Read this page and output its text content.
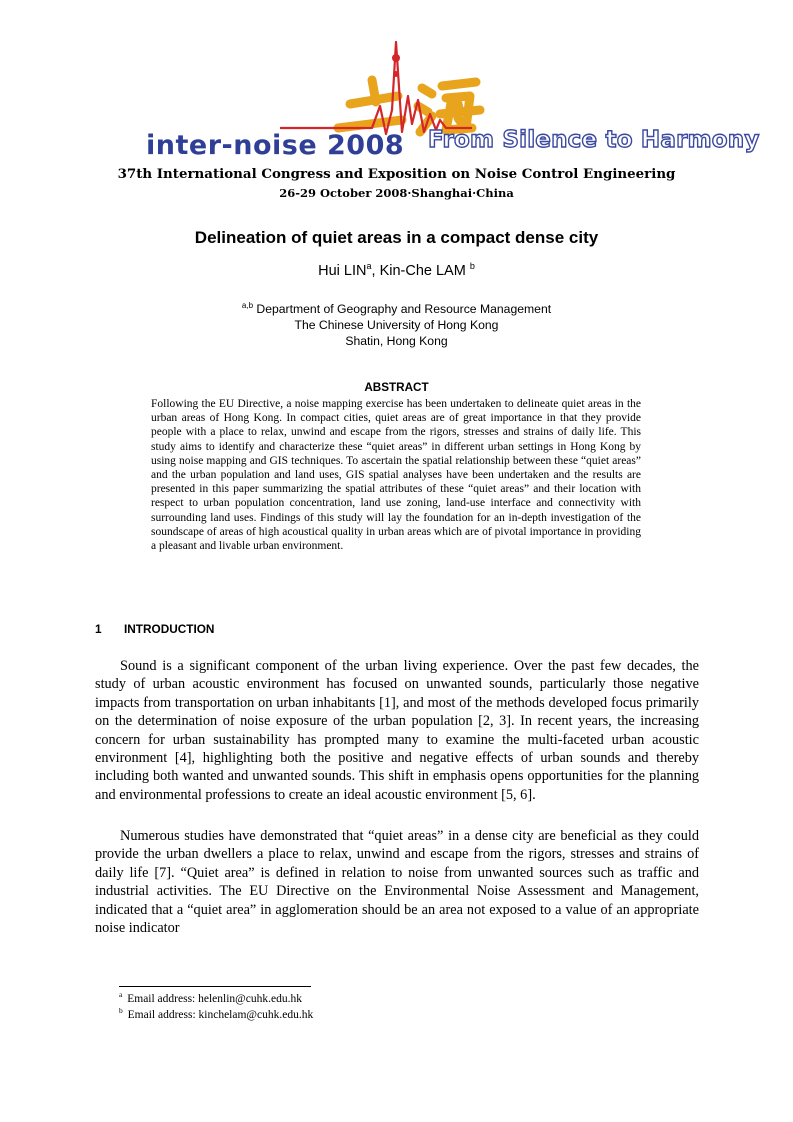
inter-noise 2008 From Silence to Harmony
37th International Congress and Exposition on Noise Control Engineering
26-29 October 2008·Shanghai·China
Delineation of quiet areas in a compact dense city
Hui LIN$^a$, Kin-Che LAM $^b$
$^{a,b}$ Department of Geography and Resource Management
The Chinese University of Hong Kong
Shatin, Hong Kong
ABSTRACT

Following the EU Directive, a noise mapping exercise has been undertaken to delineate quiet areas in the urban areas of Hong Kong. In compact cities, quiet areas are of great importance in that they provide people with a place to relax, unwind and escape from the rigors, stresses and strains of daily life. This study aims to identify and characterize these “quiet areas” in different urban settings in Hong Kong by using noise mapping and GIS techniques. To ascertain the spatial relationship between these “quiet areas” and the urban population and land uses, GIS spatial analyses have been undertaken and the results are presented in this paper summarizing the spatial attributes of these “quiet areas” and their location with respect to urban population concentration, land use zoning, land-use interface and connectivity with surrounding land uses. Findings of this study will lay the foundation for an in-depth investigation of the soundscape of areas of high acoustical quality in urban areas which are of pivotal importance in providing a pleasant and livable urban environment.

1 INTRODUCTION

Sound is a significant component of the urban living experience. Over the past few decades, the study of urban acoustic environment has focused on unwanted sounds, particularly those negative impacts from transportation on urban inhabitants [1], and most of the methods developed focus primarily on the determination of noise exposure of the urban population [2, 3]. In recent years, the increasing concern for urban sustainability has prompted many to examine the multi-faceted urban acoustic environment [4], highlighting both the positive and negative effects of urban sounds and thereby including both wanted and unwanted sounds. This shift in emphasis opens opportunities for the planning and environmental professions to create an ideal acoustic environment [5, 6].

Numerous studies have demonstrated that “quiet areas” in a dense city are beneficial as they could provide the urban dwellers a place to relax, unwind and escape from the rigors, stresses and strains of daily life [7]. “Quiet area” is defined in relation to noise from unwanted sources such as traffic and industrial activities. The EU Directive on the Environmental Noise Assessment and Management, indicated that a “quiet area” in agglomeration should be an area not exposed to a value of an appropriate noise indicator

$^a$ Email address: helenlin@cuhk.edu.hk
$^b$ Email address: kinchelam@cuhk.edu.hk
